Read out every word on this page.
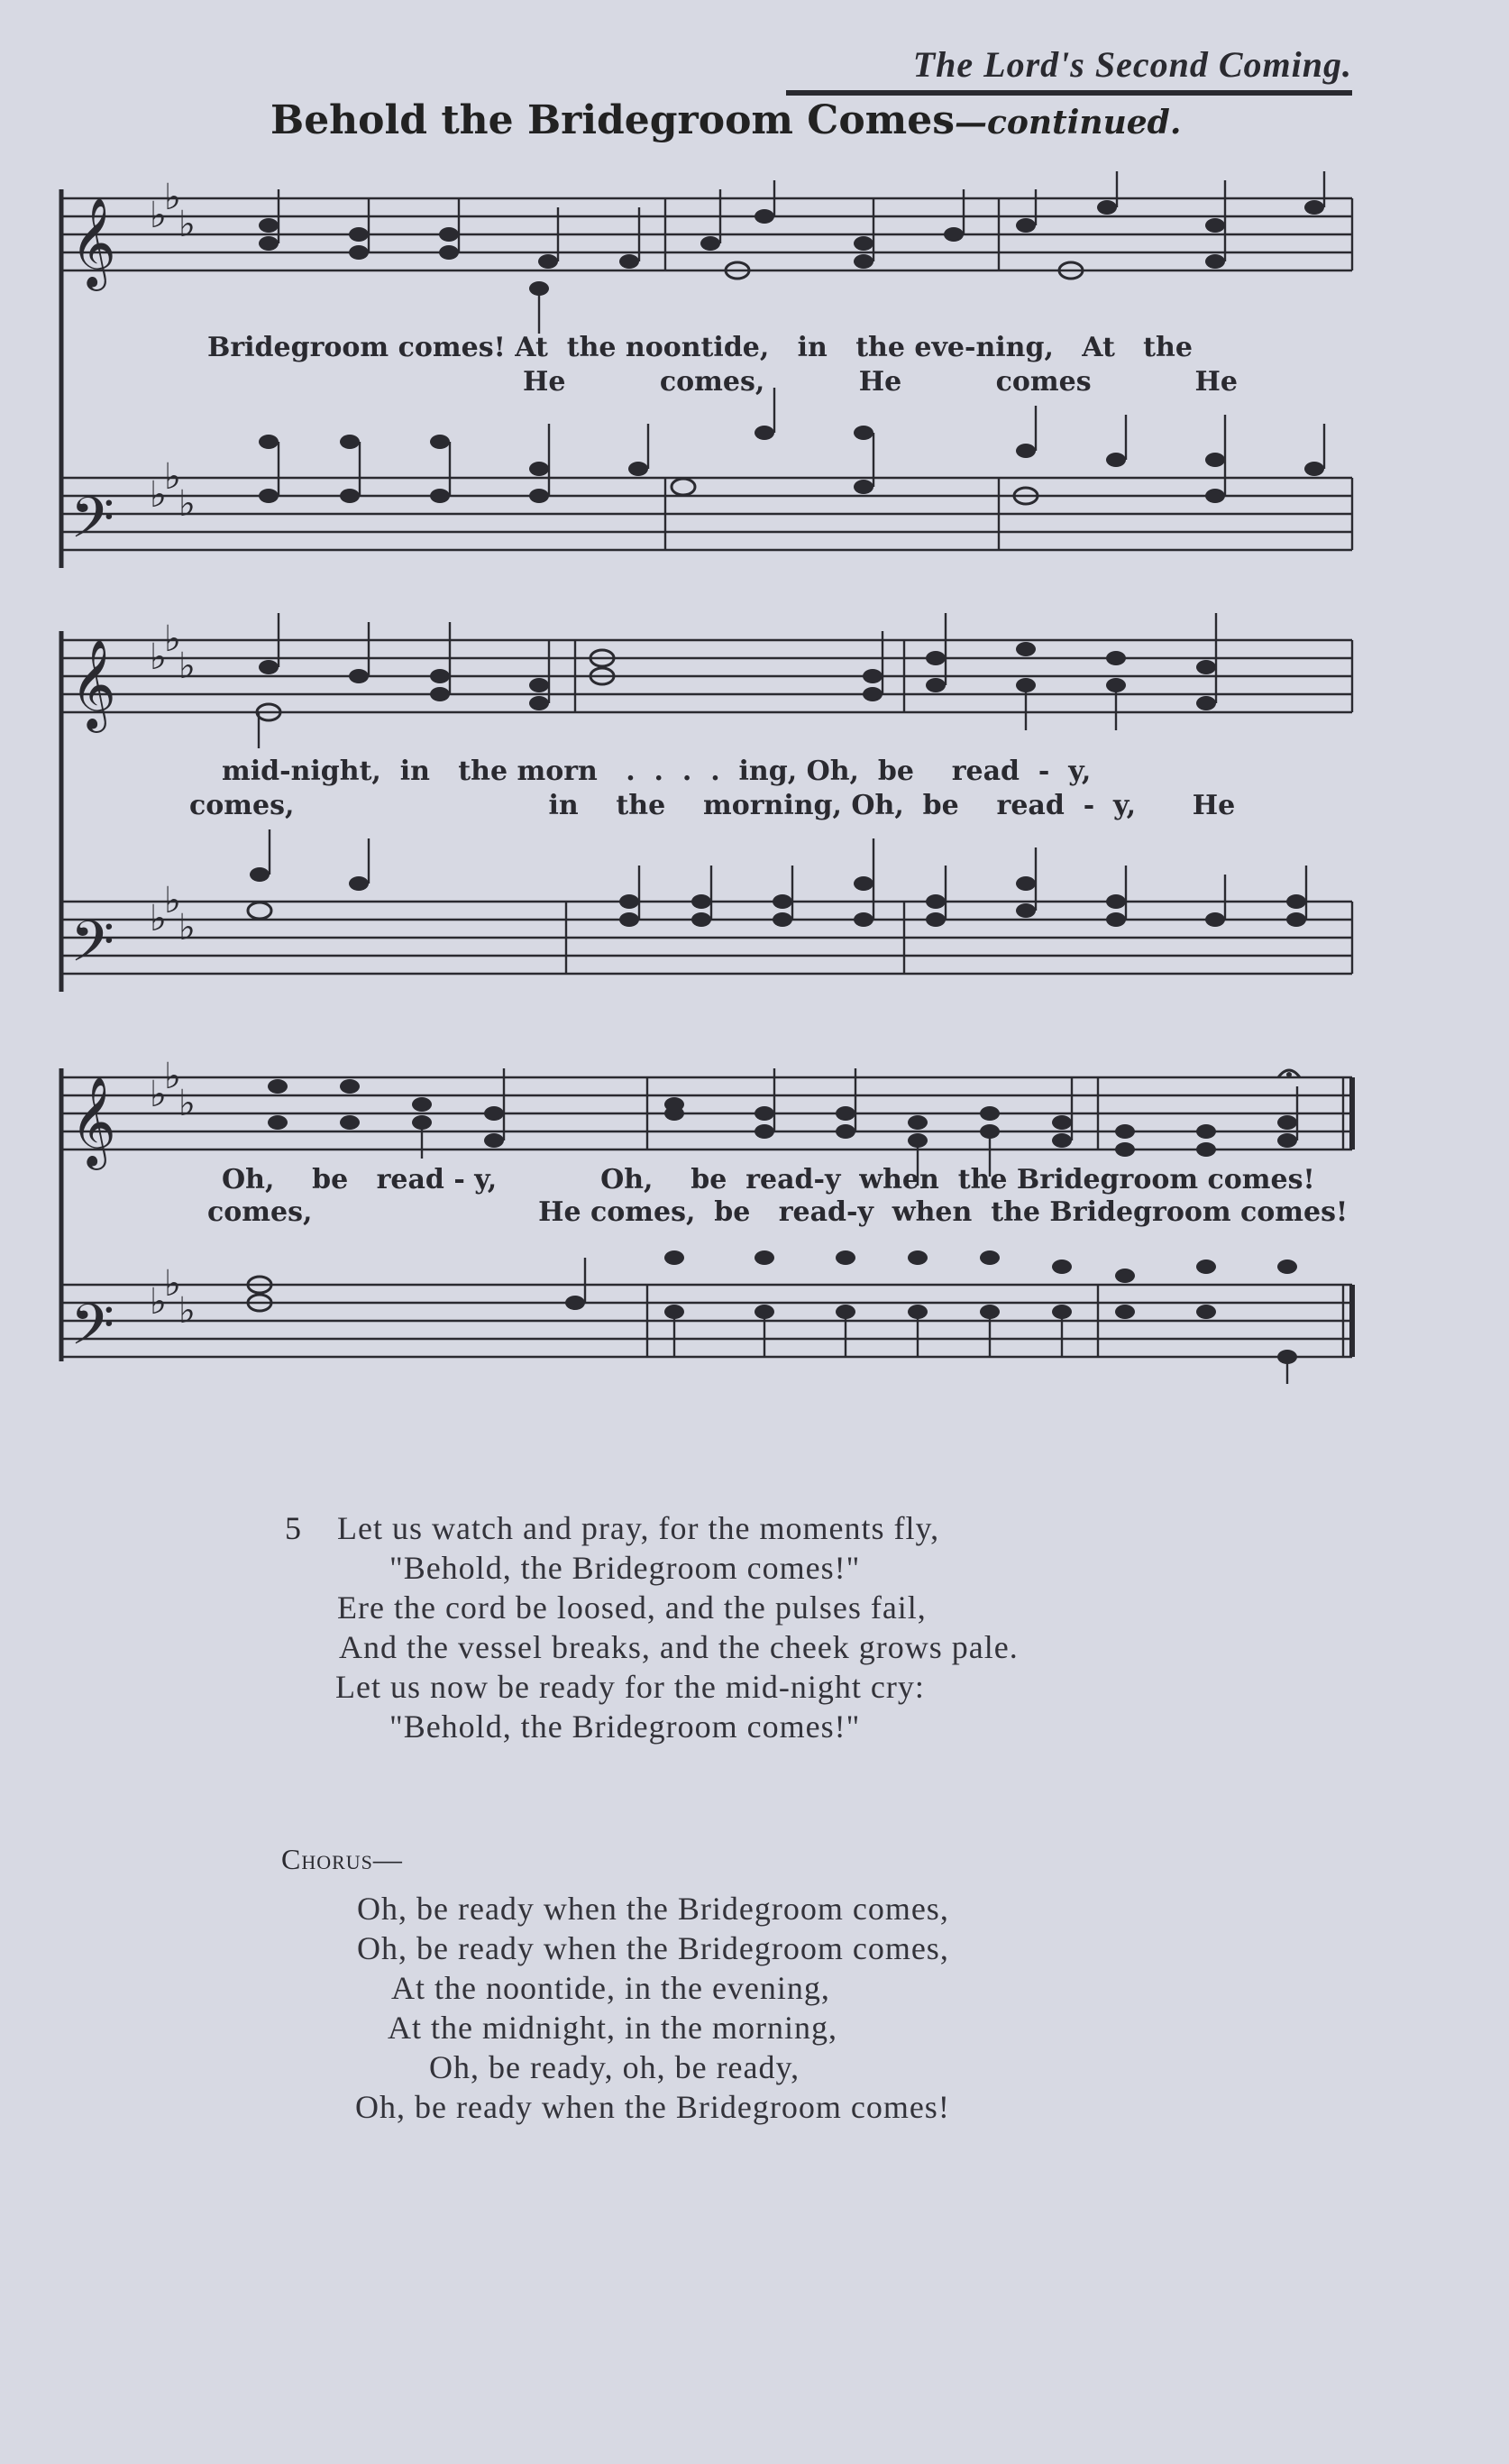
The Lord's Second Coming.
Behold the Bridegroom Comes—continued.
𝄞
𝄢
♭
♭
♭
♭
♭
♭
Bridegroom comes! At  the noontide,   in   the eve-ning,   At   the
He          comes,          He          comes           He
𝄞
𝄢
♭
♭
♭
♭
♭
♭
mid-night,  in   the morn   .  .  .  .  ing, Oh,  be    read  -  y,
comes,                           in    the    morning, Oh,  be    read  -  y,      He
𝄞
𝄢
♭
♭
♭
♭
♭
♭
Oh,    be   read - y,           Oh,    be  read-y  when  the Bridegroom comes!
comes,                        He comes,  be   read-y  when  the Bridegroom comes!
5 Let us watch and pray, for the moments fly,
"Behold, the Bridegroom comes!"
Ere the cord be loosed, and the pulses fail,
And the vessel breaks, and the cheek grows pale.
Let us now be ready for the mid-night cry:
"Behold, the Bridegroom comes!"
Chorus—
Oh, be ready when the Bridegroom comes,
Oh, be ready when the Bridegroom comes,
At the noontide, in the evening,
At the midnight, in the morning,
Oh, be ready, oh, be ready,
Oh, be ready when the Bridegroom comes!
